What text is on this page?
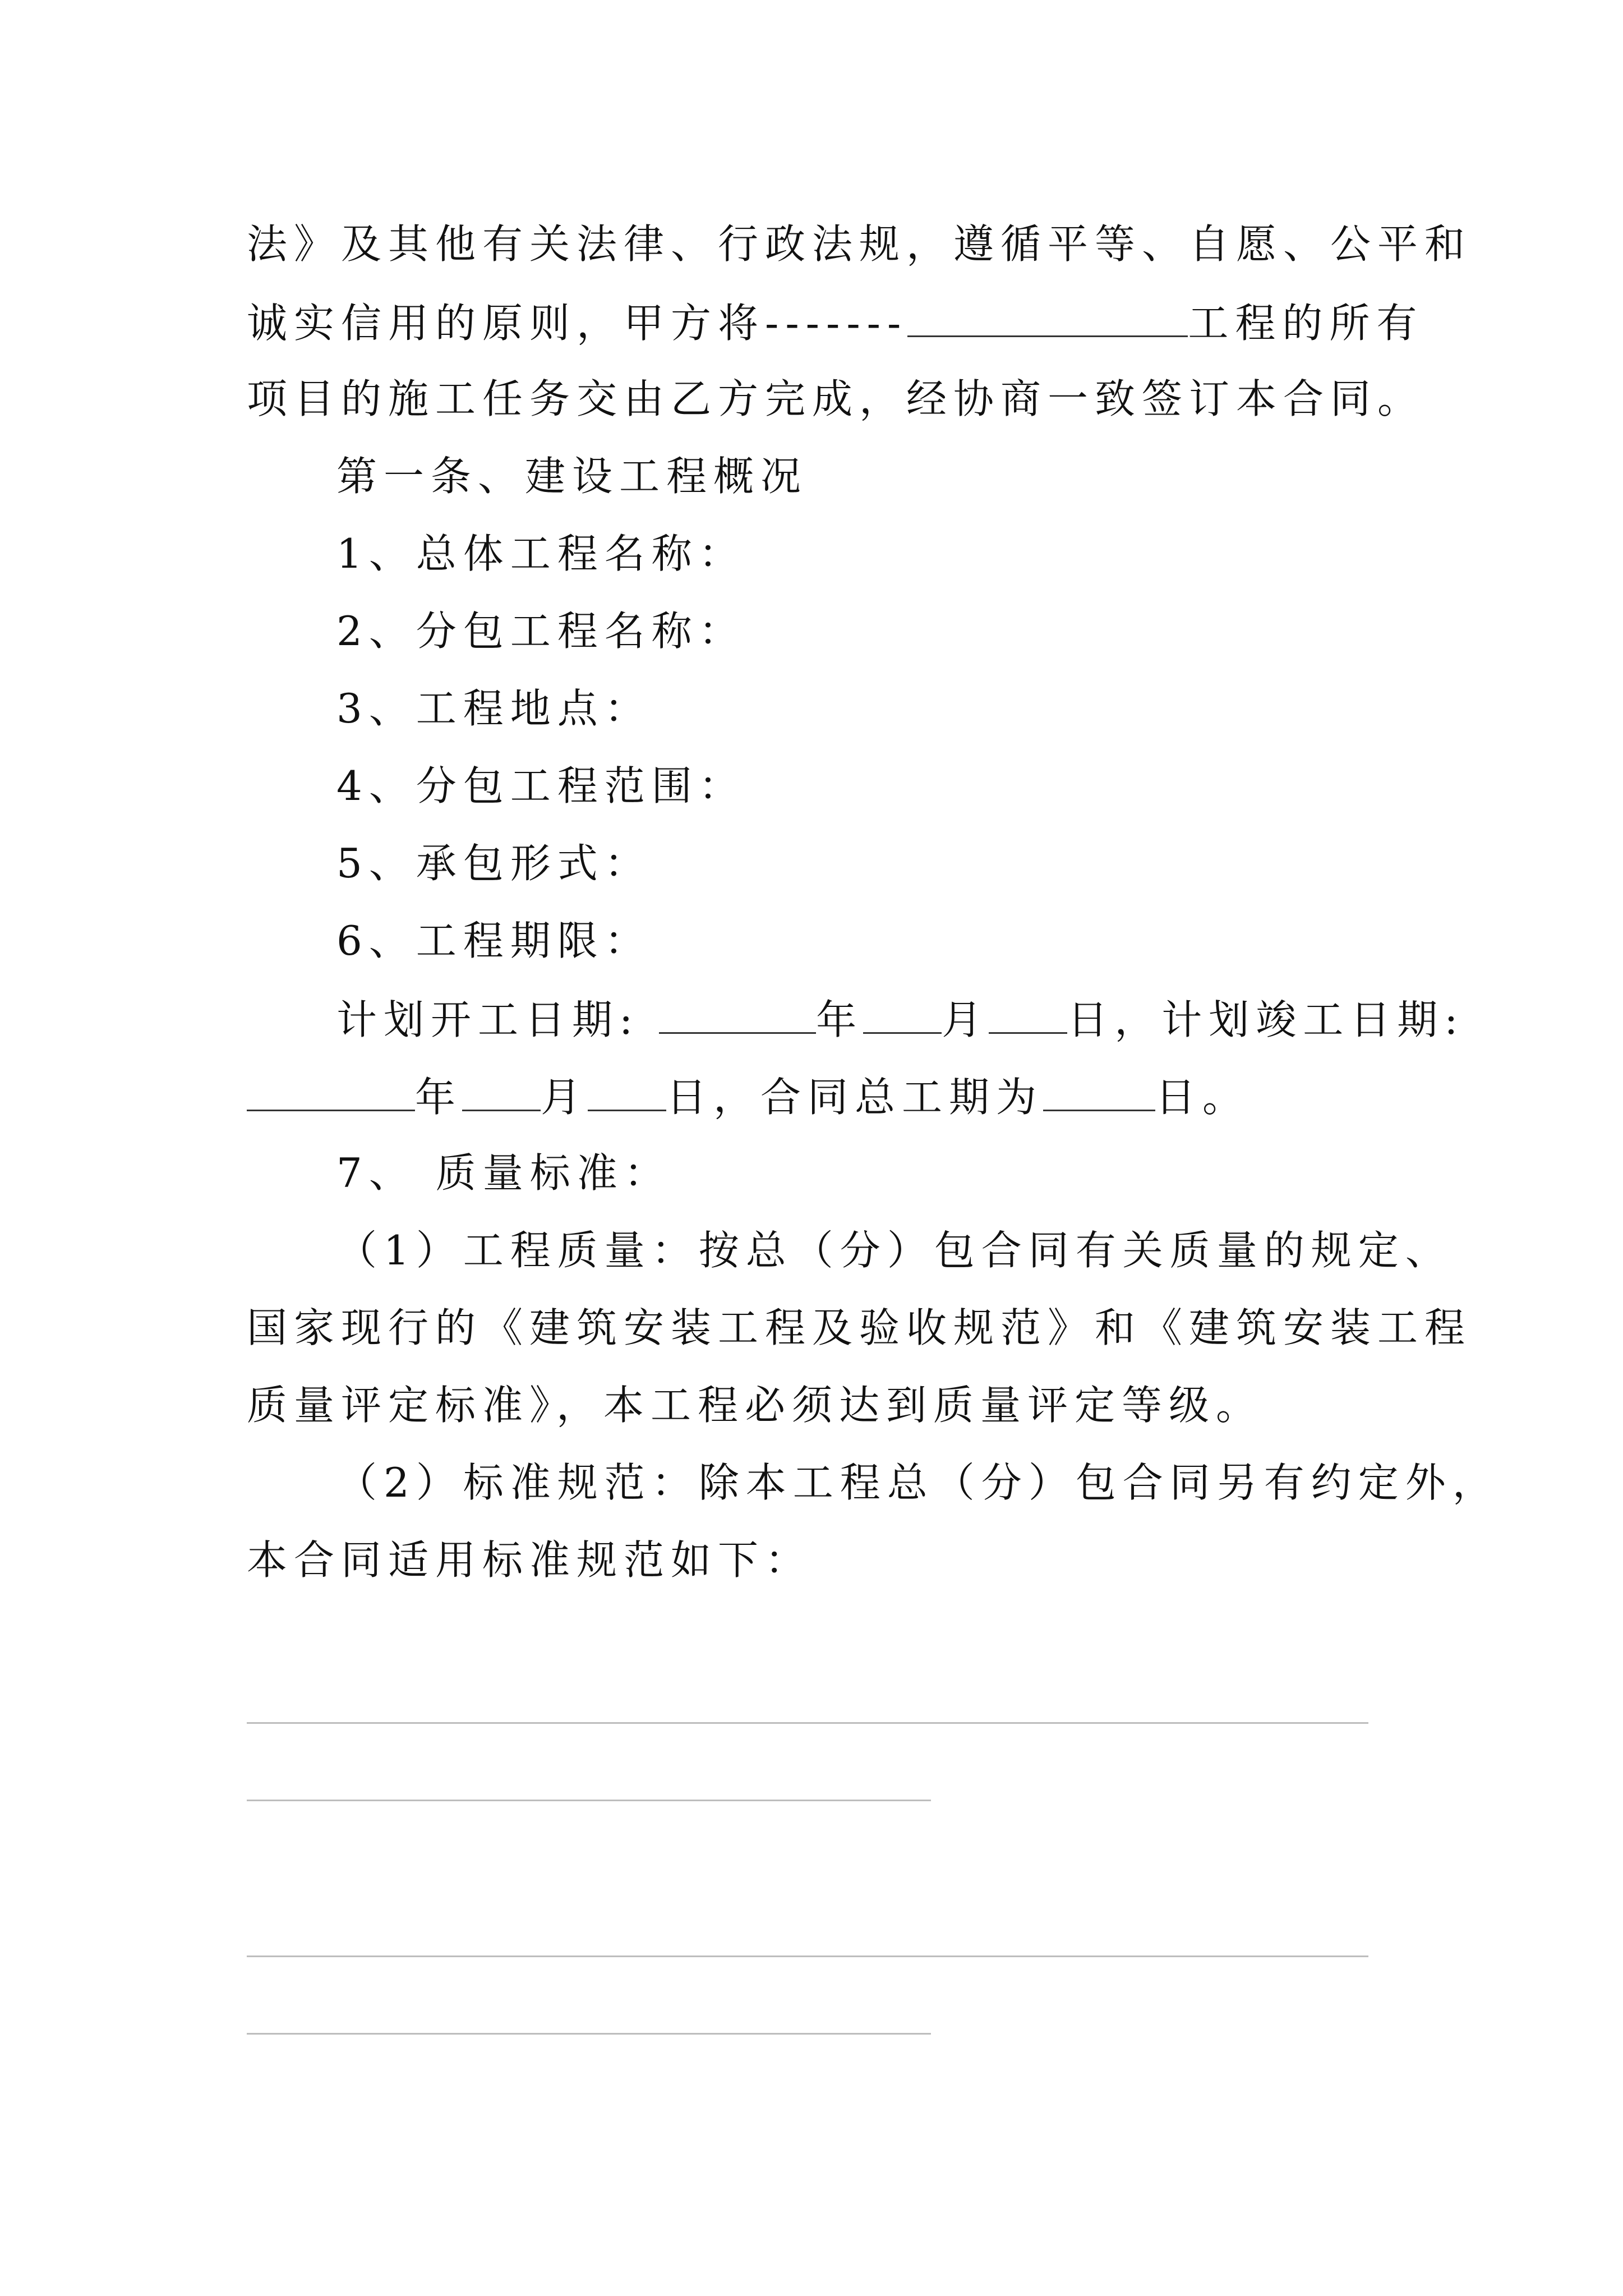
法》及其他有关法律、行政法规，遵循平等、自愿、公平和
诚实信用的原则，甲方将-------	工程的所有
项目的施工任务交由乙方完成，经协商一致签订本合同。
第一条、建设工程概况
1、总体工程名称：
2、分包工程名称：
3、工程地点：
4、分包工程范围：
5、承包形式：
6、工程期限：
计划开工日期:	年 月 日，计划竣工日期:
年 月 日，合同总工期为	日。
7、 质量标准：
（1）工程质量：按总（分）包合同有关质量的规定、
国家现行的《建筑安装工程及验收规范》和《建筑安装工程
质量评定标准》，本工程必须达到质量评定等级。
（2）标准规范：除本工程总（分）包合同另有约定外，
本合同适用标准规范如下：
